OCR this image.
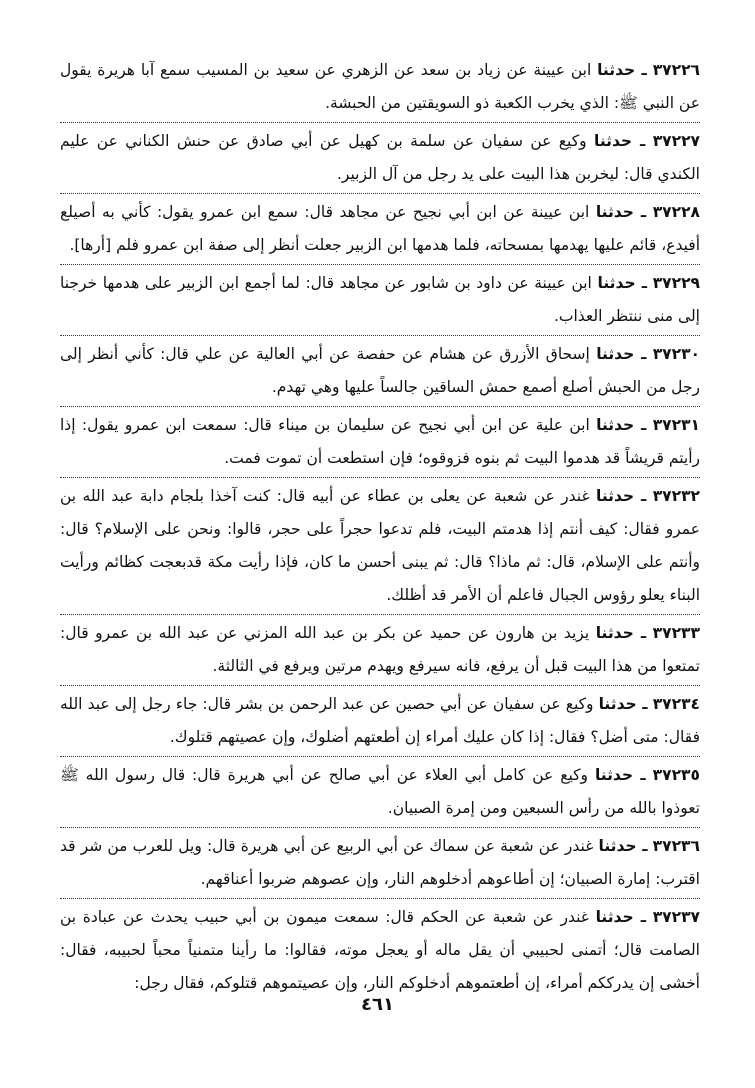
٣٧٢٢٦ ـ حدثنا ابن عيينة عن زياد بن سعد عن الزهري عن سعيد بن المسيب سمع آبا هريرة يقول عن النبي ﷺ: الذي يخرب الكعبة ذو السويقتين من الحبشة.
٣٧٢٢٧ ـ حدثنا وكيع عن سفيان عن سلمة بن كهيل عن أبي صادق عن حنش الكناني عن عليم الكندي قال: ليخربن هذا البيت على يد رجل من آل الزبير.
٣٧٢٢٨ ـ حدثنا ابن عيينة عن ابن أبي نجيح عن مجاهد قال: سمع ابن عمرو يقول: كأني به أصيلع أفيدع، قائم عليها يهدمها بمسحاته، فلما هدمها ابن الزبير جعلت أنظر إلى صفة ابن عمرو فلم [أرها].
٣٧٢٢٩ ـ حدثنا ابن عيينة عن داود بن شابور عن مجاهد قال: لما أجمع ابن الزبير على هدمها خرجنا إلى منى ننتظر العذاب.
٣٧٢٣٠ ـ حدثنا إسحاق الأزرق عن هشام عن حفصة عن أبي العالية عن علي قال: كأني أنظر إلى رجل من الحبش أصلع أصمع حمش الساقين جالساً عليها وهي تهدم.
٣٧٢٣١ ـ حدثنا ابن علية عن ابن أبي نجيح عن سليمان بن ميناء قال: سمعت ابن عمرو يقول: إذا رأيتم قريشاً قد هدموا البيت ثم بنوه فزوقوه؛ فإن استطعت أن تموت فمت.
٣٧٢٣٢ ـ حدثنا غندر عن شعبة عن يعلى بن عطاء عن أبيه قال: كنت آخذا بلجام دابة عبد الله بن عمرو فقال: كيف أنتم إذا هدمتم البيت، فلم تدعوا حجراً على حجر، قالوا: ونحن على الإسلام؟ قال: وأنتم على الإسلام، قال: ثم ماذا؟ قال: ثم يبنى أحسن ما كان، فإذا رأيت مكة قدبعجت كظائم ورأيت البناء يعلو رؤوس الجبال فاعلم أن الأمر قد أظلك.
٣٧٢٣٣ ـ حدثنا يزيد بن هارون عن حميد عن بكر بن عبد الله المزني عن عبد الله بن عمرو قال: تمتعوا من هذا البيت قبل أن يرفع، فانه سيرفع ويهدم مرتين ويرفع في الثالثة.
٣٧٢٣٤ ـ حدثنا وكيع عن سفيان عن أبي حصين عن عبد الرحمن بن بشر قال: جاء رجل إلى عبد الله فقال: متى أضل؟ فقال: إذا كان عليك أمراء إن أطعتهم أضلوك، وإن عصيتهم قتلوك.
٣٧٢٣٥ ـ حدثنا وكيع عن كامل أبي العلاء عن أبي صالح عن أبي هريرة قال: قال رسول الله ﷺ تعوذوا بالله من رأس السبعين ومن إمرة الصبيان.
٣٧٢٣٦ ـ حدثنا غندر عن شعبة عن سماك عن أبي الربيع عن أبي هريرة قال: ويل للعرب من شر قد اقترب: إمارة الصبيان؛ إن أطاعوهم أدخلوهم النار، وإن عصوهم ضربوا أعناقهم.
٣٧٢٣٧ ـ حدثنا غندر عن شعبة عن الحكم قال: سمعت ميمون بن أبي حبيب يحدث عن عبادة بن الصامت قال؛ أتمنى لحبيبي أن يقل ماله أو يعجل موته، فقالوا: ما رأينا متمنياً محباً لحبيبه، فقال: أخشى إن يدرككم أمراء، إن أطعتموهم أدخلوكم النار، وإن عصيتموهم قتلوكم، فقال رجل:
٤٦١
